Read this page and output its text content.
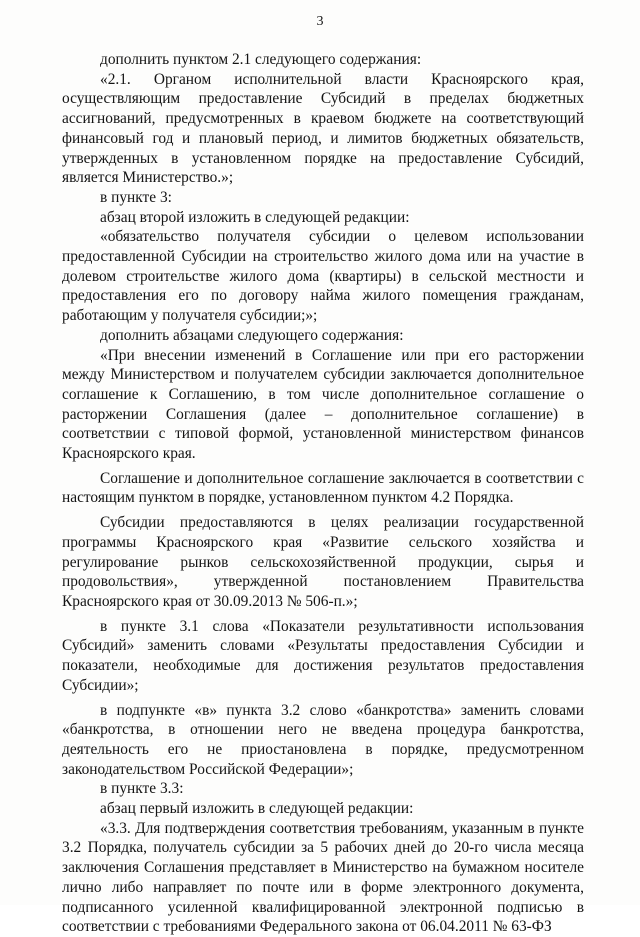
3

дополнить пунктом 2.1 следующего содержания:

«2.1. Органом исполнительной власти Красноярского края, осуществляющим предоставление Субсидий в пределах бюджетных ассигнований, предусмотренных в краевом бюджете на соответствующий финансовый год и плановый период, и лимитов бюджетных обязательств, утвержденных в установленном порядке на предоставление Субсидий, является Министерство.»;

в пункте 3:

абзац второй изложить в следующей редакции:

«обязательство получателя субсидии о целевом использовании предоставленной Субсидии на строительство жилого дома или на участие в долевом строительстве жилого дома (квартиры) в сельской местности и предоставления его по договору найма жилого помещения гражданам, работающим у получателя субсидии;»;

дополнить абзацами следующего содержания:

«При внесении изменений в Соглашение или при его расторжении между Министерством и получателем субсидии заключается дополнительное соглашение к Соглашению, в том числе дополнительное соглашение о расторжении Соглашения (далее – дополнительное соглашение) в соответствии с типовой формой, установленной министерством финансов Красноярского края.

Соглашение и дополнительное соглашение заключается в соответствии с настоящим пунктом в порядке, установленном пунктом 4.2 Порядка.

Субсидии предоставляются в целях реализации государственной программы Красноярского края «Развитие сельского хозяйства и регулирование рынков сельскохозяйственной продукции, сырья и продовольствия», утвержденной постановлением Правительства Красноярского края от 30.09.2013 № 506-п.»;

в пункте 3.1 слова «Показатели результативности использования Субсидий» заменить словами «Результаты предоставления Субсидии и показатели, необходимые для достижения результатов предоставления Субсидии»;

в подпункте «в» пункта 3.2 слово «банкротства» заменить словами «банкротства, в отношении него не введена процедура банкротства, деятельность его не приостановлена в порядке, предусмотренном законодательством Российской Федерации»;

в пункте 3.3:

абзац первый изложить в следующей редакции:

«3.3. Для подтверждения соответствия требованиям, указанным в пункте 3.2 Порядка, получатель субсидии за 5 рабочих дней до 20-го числа месяца заключения Соглашения представляет в Министерство на бумажном носителе лично либо направляет по почте или в форме электронного документа, подписанного усиленной квалифицированной электронной подписью в соответствии с требованиями Федерального закона от 06.04.2011 № 63-ФЗ
